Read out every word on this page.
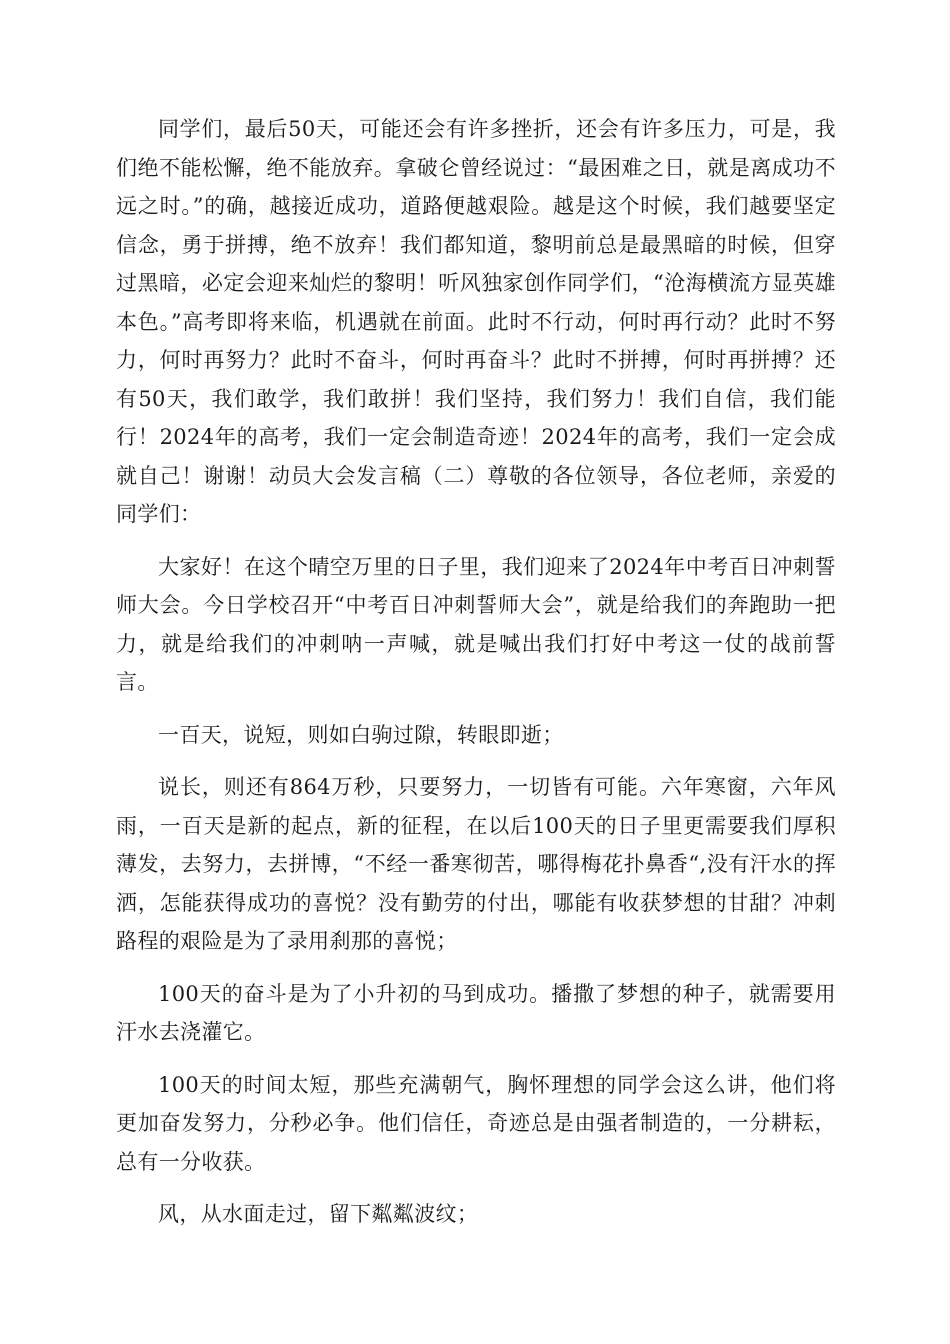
同学们，最后50天，可能还会有许多挫折，还会有许多压力，可是，我们绝不能松懈，绝不能放弃。拿破仑曾经说过：“最困难之日，就是离成功不远之时。”的确，越接近成功，道路便越艰险。越是这个时候，我们越要坚定信念，勇于拼搏，绝不放弃！我们都知道，黎明前总是最黑暗的时候，但穿过黑暗，必定会迎来灿烂的黎明！听风独家创作同学们，“沧海横流方显英雄本色。”高考即将来临，机遇就在前面。此时不行动，何时再行动？此时不努力，何时再努力？此时不奋斗，何时再奋斗？此时不拼搏，何时再拼搏？还有50天，我们敢学，我们敢拼！我们坚持，我们努力！我们自信，我们能行！2024年的高考，我们一定会制造奇迹！2024年的高考，我们一定会成就自己！谢谢！动员大会发言稿（二）尊敬的各位领导，各位老师，亲爱的同学们：

大家好！在这个晴空万里的日子里，我们迎来了2024年中考百日冲刺誓师大会。今日学校召开“中考百日冲刺誓师大会”，就是给我们的奔跑助一把力，就是给我们的冲刺呐一声喊，就是喊出我们打好中考这一仗的战前誓言。

一百天，说短，则如白驹过隙，转眼即逝；

说长，则还有864万秒，只要努力，一切皆有可能。六年寒窗，六年风雨，一百天是新的起点，新的征程，在以后100天的日子里更需要我们厚积薄发，去努力，去拼博，“不经一番寒彻苦，哪得梅花扑鼻香“,没有汗水的挥洒，怎能获得成功的喜悦？没有勤劳的付出，哪能有收获梦想的甘甜？冲刺路程的艰险是为了录用刹那的喜悦；

100天的奋斗是为了小升初的马到成功。播撒了梦想的种子，就需要用汗水去浇灌它。

100天的时间太短，那些充满朝气，胸怀理想的同学会这么讲，他们将更加奋发努力，分秒必争。他们信任，奇迹总是由强者制造的，一分耕耘，总有一分收获。

风，从水面走过，留下粼粼波纹；
